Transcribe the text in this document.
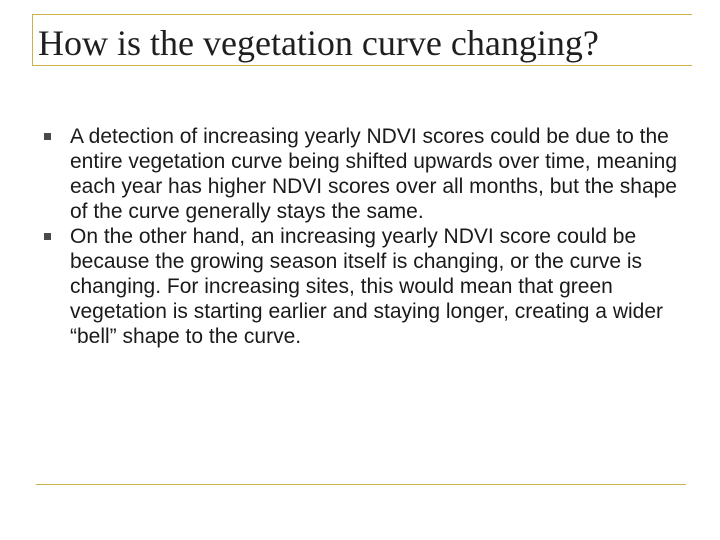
How is the vegetation curve changing?
A detection of increasing yearly NDVI scores could be due to the entire vegetation curve being shifted upwards over time, meaning each year has higher NDVI scores over all months, but the shape of the curve generally stays the same.
On the other hand, an increasing yearly NDVI score could be because the growing season itself is changing, or the curve is changing. For increasing sites, this would mean that green vegetation is starting earlier and staying longer, creating a wider “bell” shape to the curve.
